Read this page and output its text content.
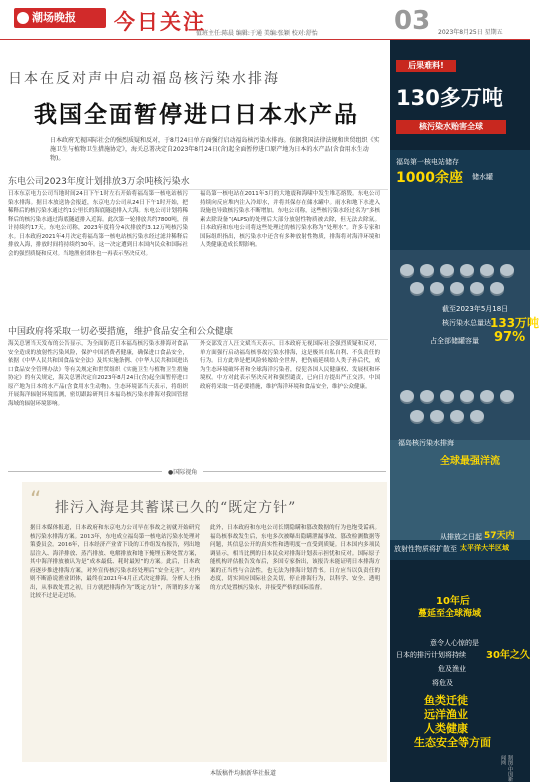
潮场晚报	今日关注
值班主任:陈晨 编辑:于通 美编:张颖 校对:舒怡	03 2023年8月25日 星期五
日本在反对声中启动福岛核污染水排海
我国全面暂停进口日本水产品
日本政府无视国际社会的强烈质疑和反对，于8月24日单方面强行启动福岛核污染水排海。依据我国法律法规和世贸组织《实施卫生与植物卫生措施协定》，海关总署决定自2023年8月24日(含)起全面暂停进口原产地为日本的水产品(含食用水生动物)。
东电公司2023年度计划排放3万余吨核污染水
日本东京电力公司当地时间24日下午1时左右开始将福岛第一核电站核污染水排海。据日本放送协会报道，东京电力公司从24日下午1时开始，把稀释后的核污染水通过约1公里长的海底隧道排入大海。东电公司计划将稀释后的核污染水通过海底隧道排入近海。此次第一轮排放共约7800吨，预计持续约17天。东电公司称，2023年度将分4次排放约3.12万吨核污染水。日本政府2021年4月决定将福岛第一核电站核污染水经过滤并稀释后排放入海，排放时间将持续约30年。这一决定遭到日本国内民众和国际社会的强烈质疑和反对。当地渔业团体也一再表示坚决反对。
福岛第一核电站在2011年3月的大地震和海啸中发生堆芯熔毁。东电公司持续向反应堆内注入冷却水，并将其保存在储水罐中。雨水和地下水进入设施也导致核污染水不断增加。东电公司称，这些核污染水经过名为“多核素去除设备”(ALPS)的处理后大部分放射性物质被去除，但无法去除氚。日本政府和东电公司将这些处理过的核污染水称为“处理水”。许多专家和国际组织指出，核污染水中还含有多种放射性物质，排海将对海洋环境和人类健康造成长期影响。
中国政府将采取一切必要措施，维护食品安全和公众健康
海关总署当天发布的公告显示，为全面防范日本福岛核污染水排海对食品安全造成的放射性污染风险，保护中国消费者健康，确保进口食品安全，依据《中华人民共和国食品安全法》及其实施条例、《中华人民共和国进出口食品安全管理办法》等有关规定和世贸组织《实施卫生与植物卫生措施协定》的有关规定，海关总署决定自2023年8月24日(含)起全面暂停进口原产地为日本的水产品(含食用水生动物)。生态环境部当天表示，将组织开展海洋辐射环境监测，密切跟踪研判日本福岛核污染水排海对我国管辖海域的辐射环境影响。
外交部发言人汪文斌当天表示，日本政府无视国际社会强烈质疑和反对，单方面强行启动福岛核事故污染水排海，这是极其自私自利、不负责任的行为。日方此举是把风险转嫁给全世界，把伤痛延续给人类子孙后代，成为生态环境破坏者和全球海洋污染者，侵犯各国人民健康权、发展权和环境权。中方对此表示坚决反对和强烈谴责，已向日方提出严正交涉。中国政府将采取一切必要措施，维护海洋环境和食品安全，维护公众健康。
●国际视角
“ 排污入海是其蓄谋已久的“既定方针”
据日本媒体报道，日本政府和东京电力公司早在事故之初就开始研究核污染水排海方案。2013年，东电成立福岛第一核电站污染水处理对策委员会。2016年，日本经济产业省下设的工作组发布报告，列出地层注入、海洋排放、蒸汽排放、电解排放和地下掩埋五种处置方案，其中海洋排放被认为是“成本最低、耗时最短”的方案。此后，日本政府逐步推进排海方案，对外宣传核污染水经处理后“安全无害”，对内则不断游说渔业团体，最终在2021年4月正式决定排海。分析人士指出，从事故处置之初，日方就把排海作为“既定方针”，所谓的多方案比较不过是走过场。
此外，日本政府和东电公司长期隐瞒和篡改数据的行为也饱受诟病。福岛核事故发生后，东电多次被曝出隐瞒泄漏事故、篡改检测数据等问题，其信息公开的真实性和透明度一直受到质疑。日本国内多项民调显示，相当比例的日本民众对排海计划表示担忧和反对。国际原子能机构评估报告发布后，多国专家指出，该报告未能证明日本排海方案的正当性与合法性，也无法为排海计划背书。日方应当以负责任的态度，切实回应国际社会关切，停止排海行为，以科学、安全、透明的方式处置核污染水，并接受严格的国际监督。
本版稿件均据新华社报道
后果难料!
130多万吨
核污染水贻害全球
福岛第一核电站储存
1000余座 储水罐
截至2023年5月18日
核污染水总量达 133万吨
占全部储罐容量 97%
福岛核污染水排海
全球最强洋流
从排放之日起 57天内
放射性物质将扩散至 太平洋大半区域
10年后
蔓延至全球海域
意令人心惊的是
日本的排污计划将持续 30年之久
危及渔业
将危及
鱼类迁徙
远洋渔业
人类健康
生态安全等方面
制图:中国新闻网
